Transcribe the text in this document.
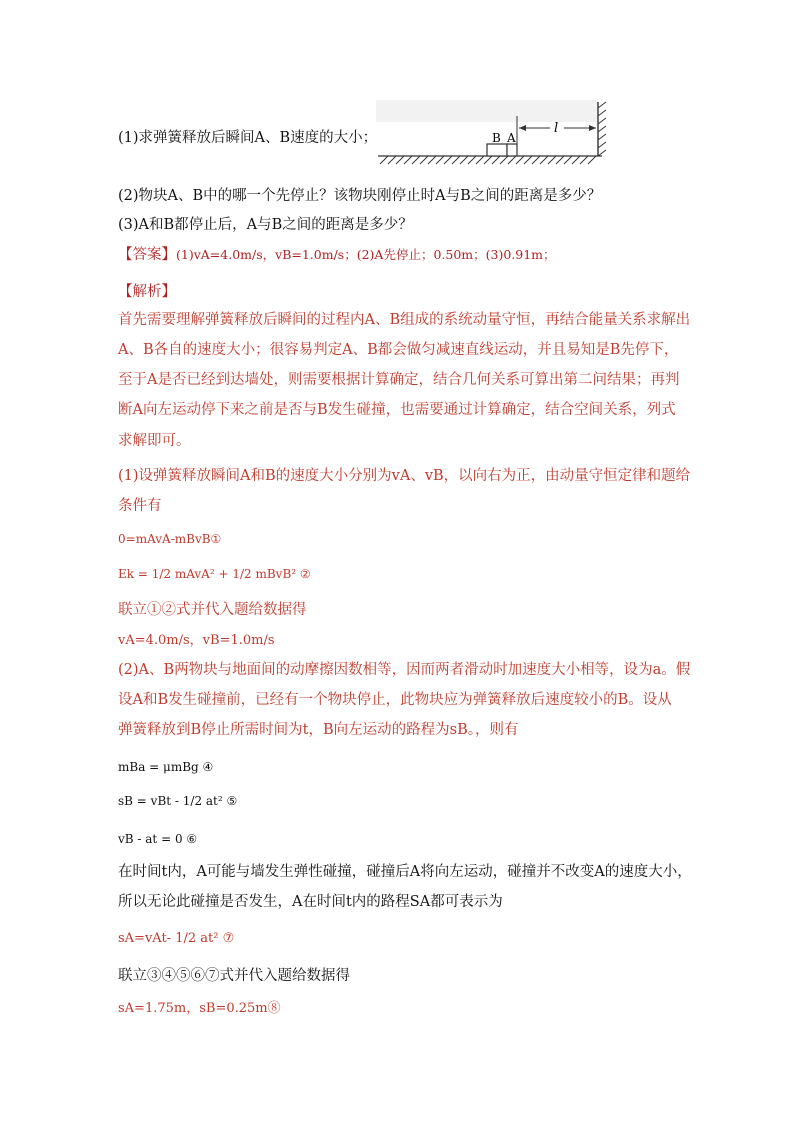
(1)求弹簧释放后瞬间A、B速度的大小；	B A
l
(2)物块A、B中的哪一个先停止？该物块刚停止时A与B之间的距离是多少？
(3)A和B都停止后，A与B之间的距离是多少？
【答案】(1)vA=4.0m/s，vB=1.0m/s；(2)A先停止；0.50m；(3)0.91m；
【解析】
首先需要理解弹簧释放后瞬间的过程内A、B组成的系统动量守恒，再结合能量关系求解出
A、B各自的速度大小；很容易判定A、B都会做匀减速直线运动，并且易知是B先停下，
至于A是否已经到达墙处，则需要根据计算确定，结合几何关系可算出第二问结果；再判
断A向左运动停下来之前是否与B发生碰撞，也需要通过计算确定，结合空间关系，列式
求解即可。
(1)设弹簧释放瞬间A和B的速度大小分别为vA、vB，以向右为正，由动量守恒定律和题给
条件有
0=mAvA-mBvB①
Ek = 1/2 mAvA² + 1/2 mBvB² ②
联立①②式并代入题给数据得
vA=4.0m/s，vB=1.0m/s
(2)A、B两物块与地面间的动摩擦因数相等，因而两者滑动时加速度大小相等，设为a。假
设A和B发生碰撞前，已经有一个物块停止，此物块应为弹簧释放后速度较小的B。设从
弹簧释放到B停止所需时间为t，B向左运动的路程为sB。，则有
mBa = μmBg ④
sB = vBt - 1/2 at² ⑤
vB - at = 0 ⑥
在时间t内，A可能与墙发生弹性碰撞，碰撞后A将向左运动，碰撞并不改变A的速度大小，
所以无论此碰撞是否发生，A在时间t内的路程SA都可表示为
sA=vAt- 1/2 at² ⑦
联立③④⑤⑥⑦式并代入题给数据得
sA=1.75m，sB=0.25m⑧
